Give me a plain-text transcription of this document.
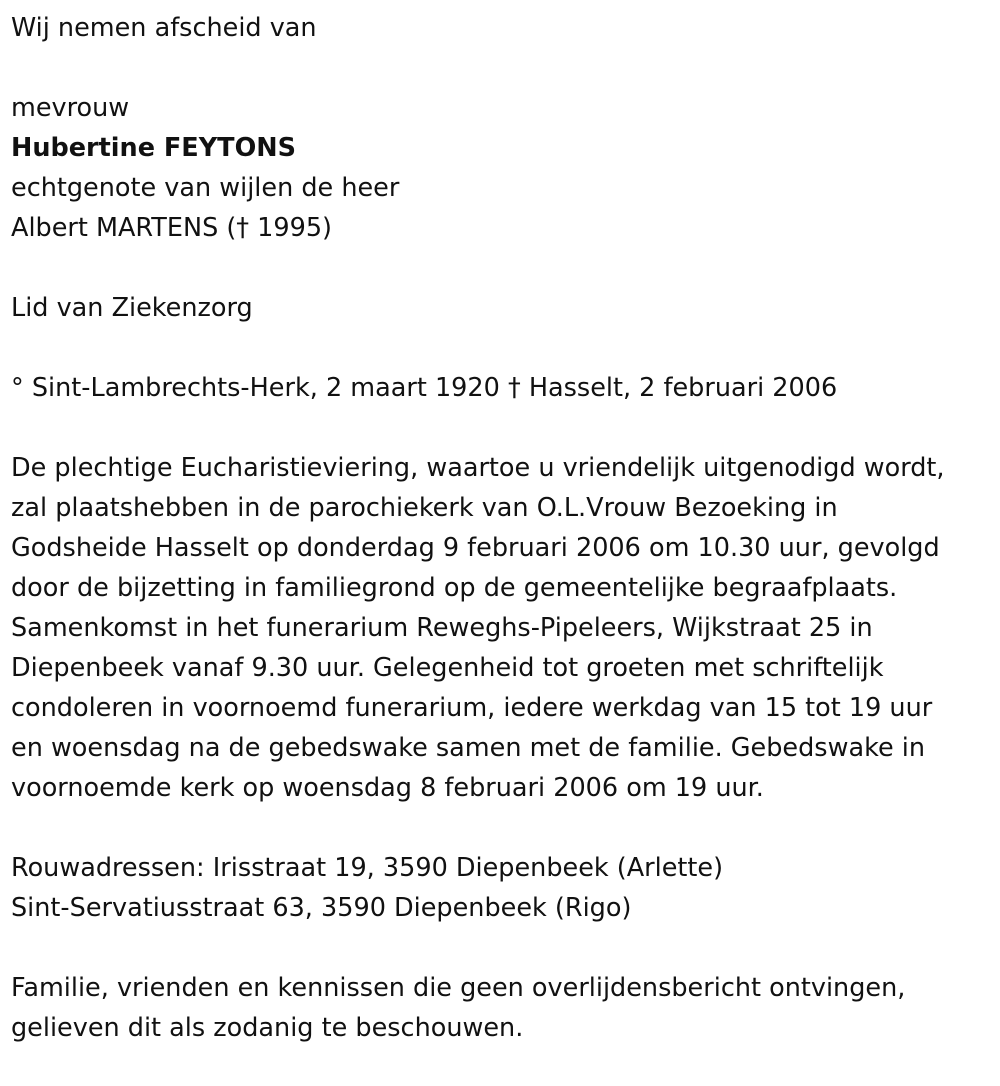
Wij nemen afscheid van
mevrouw
Hubertine FEYTONS
echtgenote van wijlen de heer
Albert MARTENS († 1995)
Lid van Ziekenzorg
° Sint-Lambrechts-Herk, 2 maart 1920 † Hasselt, 2 februari 2006
De plechtige Eucharistieviering, waartoe u vriendelijk uitgenodigd wordt,
zal plaatshebben in de parochiekerk van O.L.Vrouw Bezoeking in
Godsheide Hasselt op donderdag 9 februari 2006 om 10.30 uur, gevolgd
door de bijzetting in familiegrond op de gemeentelijke begraafplaats.
Samenkomst in het funerarium Reweghs-Pipeleers, Wijkstraat 25 in
Diepenbeek vanaf 9.30 uur. Gelegenheid tot groeten met schriftelijk
condoleren in voornoemd funerarium, iedere werkdag van 15 tot 19 uur
en woensdag na de gebedswake samen met de familie. Gebedswake in
voornoemde kerk op woensdag 8 februari 2006 om 19 uur.
Rouwadressen: Irisstraat 19, 3590 Diepenbeek (Arlette)
Sint-Servatiusstraat 63, 3590 Diepenbeek (Rigo)
Familie, vrienden en kennissen die geen overlijdensbericht ontvingen,
gelieven dit als zodanig te beschouwen.
